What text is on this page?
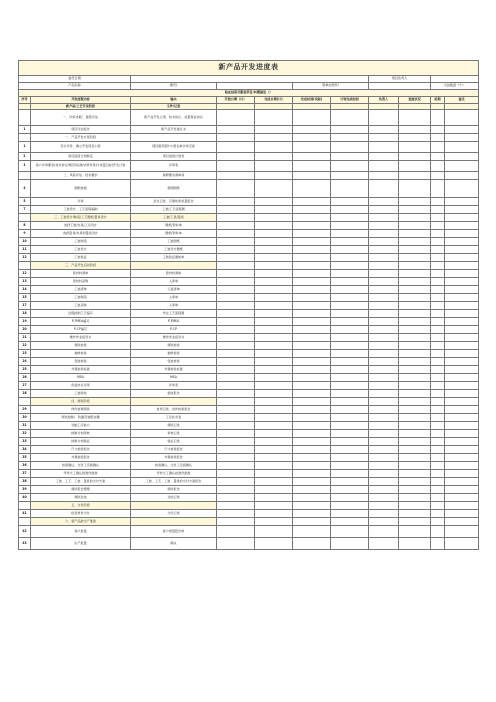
新产品开发进度表										
委托日期							项目负责人			
产品名称		图号/			原单位图号/				交货数量（个）	
验证结果及跟进项目/问题描述（）										
序号	开发流程内容	输出	开始日期（计）	完成日期(计)	完成时间(实际)	计划完成时间	负责人	进度状况	延期	备注
	新产品/工艺开发阶段	文件/记录								
	一、评审决策/、最低评估	新产品开发立项、技术协议、质量保证协议								
1	项目评估报告	新产品开发建议书								
	一、产品开发方案阶段									
1	设计评价、确立开发项目小组	项目组织图+小组名单评审记录								
2	项目进度计划制定	项目进度计划表								
3	客户评审要求(技术协议/规范/标准/试样件等)+质量目标/开发计划	评审表								
	二、风险评估、技术要求	保修要求清单等								
4	图纸转换	新图图纸								
5	评审	会议记录、可靠性和质量报告								
7	工装设计、工艺流程编制	工装/工艺流程图								
	三、工装设计/制造/工艺图纸/量具设计	工装/工具/量具								
8	选择工装/夹具/工序设计	图纸/资料单								
9	选择量具/夹具和量具设计	图纸/资料单								
10	工装制造	工装图纸								
11	工装设计	工装设计图纸								
12	工装验证	工装验证通知单								
	三、产品开发启动阶段									
12	原材料清单	原材料清单								
13	原材料采购	入库单								
14	工装清单	订货清单								
15	工装制造	入库单								
17	工装采购	入库单								
18	过程控制工艺编写	作业工艺流程图								
19	P-FMEA编写	P-FMEA								
20	P-CP编写	P-CP								
21	操作作业指导书	操作作业指导书								
22	调试检验	调试检验								
23	抽样检验	抽样检验								
24	包装检验	包装检验								
25	外观检验标准	外观检验标准								
26	MSA	MSA								
27	供货协议评审	评审表								
28	工装验收	验收报告								
	四、调试阶段									
29	样件装调预验	首件记录、首件检验报告								
30	调试控制/、防漏及装配步骤	工序状态表								
31	初始工序能力	调试记录								
32	控制计划审核	审核记录								
33	控制计划验证	验证记录								
34	尺寸检验报告	尺寸检验报告								
35	外观检验报告	外观检验报告								
36	检查确认、交付工序到确认	检查确认、交付工序到确认								
37	零件交工确认批准件批准	零件交工确认批准件批准								
38	工装、工艺、工装、量具的交付方案	工装、工艺、工装、量具的交付方案报告								
39	调试报告整理	调试报告								
40	调试总结	总结记录								
	五、交付阶段									
41	接受样件交付	交付记录								
	六、新产品批生产准备									
42	客户批量	客户批量报告单								
43	生产批量	确认								
